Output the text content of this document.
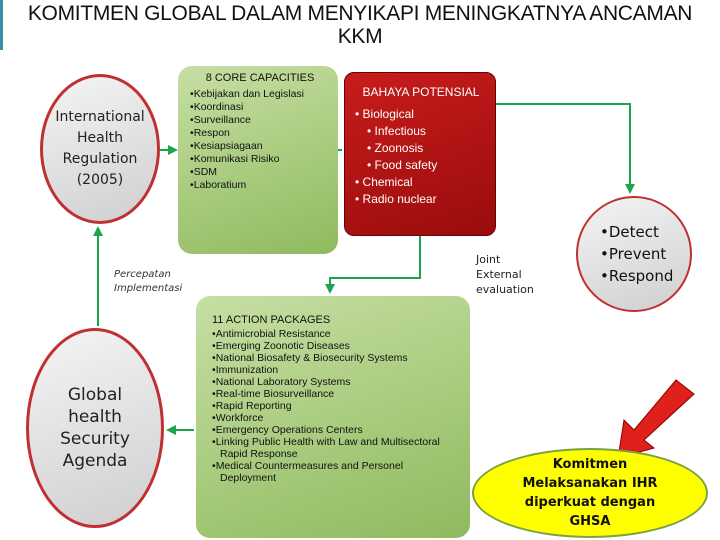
KOMITMEN GLOBAL DALAM MENYIKAPI MENINGKATNYA ANCAMAN KKM
International Health Regulation (2005)
8 CORE CAPACITIES
• Kebijakan dan Legislasi
• Koordinasi
• Surveillance
• Respon
• Kesiapsiagaan
• Komunikasi Risiko
• SDM
• Laboratium
BAHAYA POTENSIAL
• Biological
• Infectious
• Zoonosis
• Food safety
• Chemical
• Radio nuclear
•Detect
•Prevent
•Respond
Joint
External
evaluation
Percepatan
Implementasi
Global health Security Agenda
11 ACTION PACKAGES
• Antimicrobial Resistance
• Emerging Zoonotic Diseases
• National Biosafety & Biosecurity Systems
• Immunization
• National Laboratory Systems
• Real-time Biosurveillance
• Rapid Reporting
• Workforce
• Emergency Operations Centers
• Linking Public Health with Law and Multisectoral Rapid Response
• Medical Countermeasures and Personel Deployment
Komitmen Melaksanakan IHR diperkuat dengan GHSA
